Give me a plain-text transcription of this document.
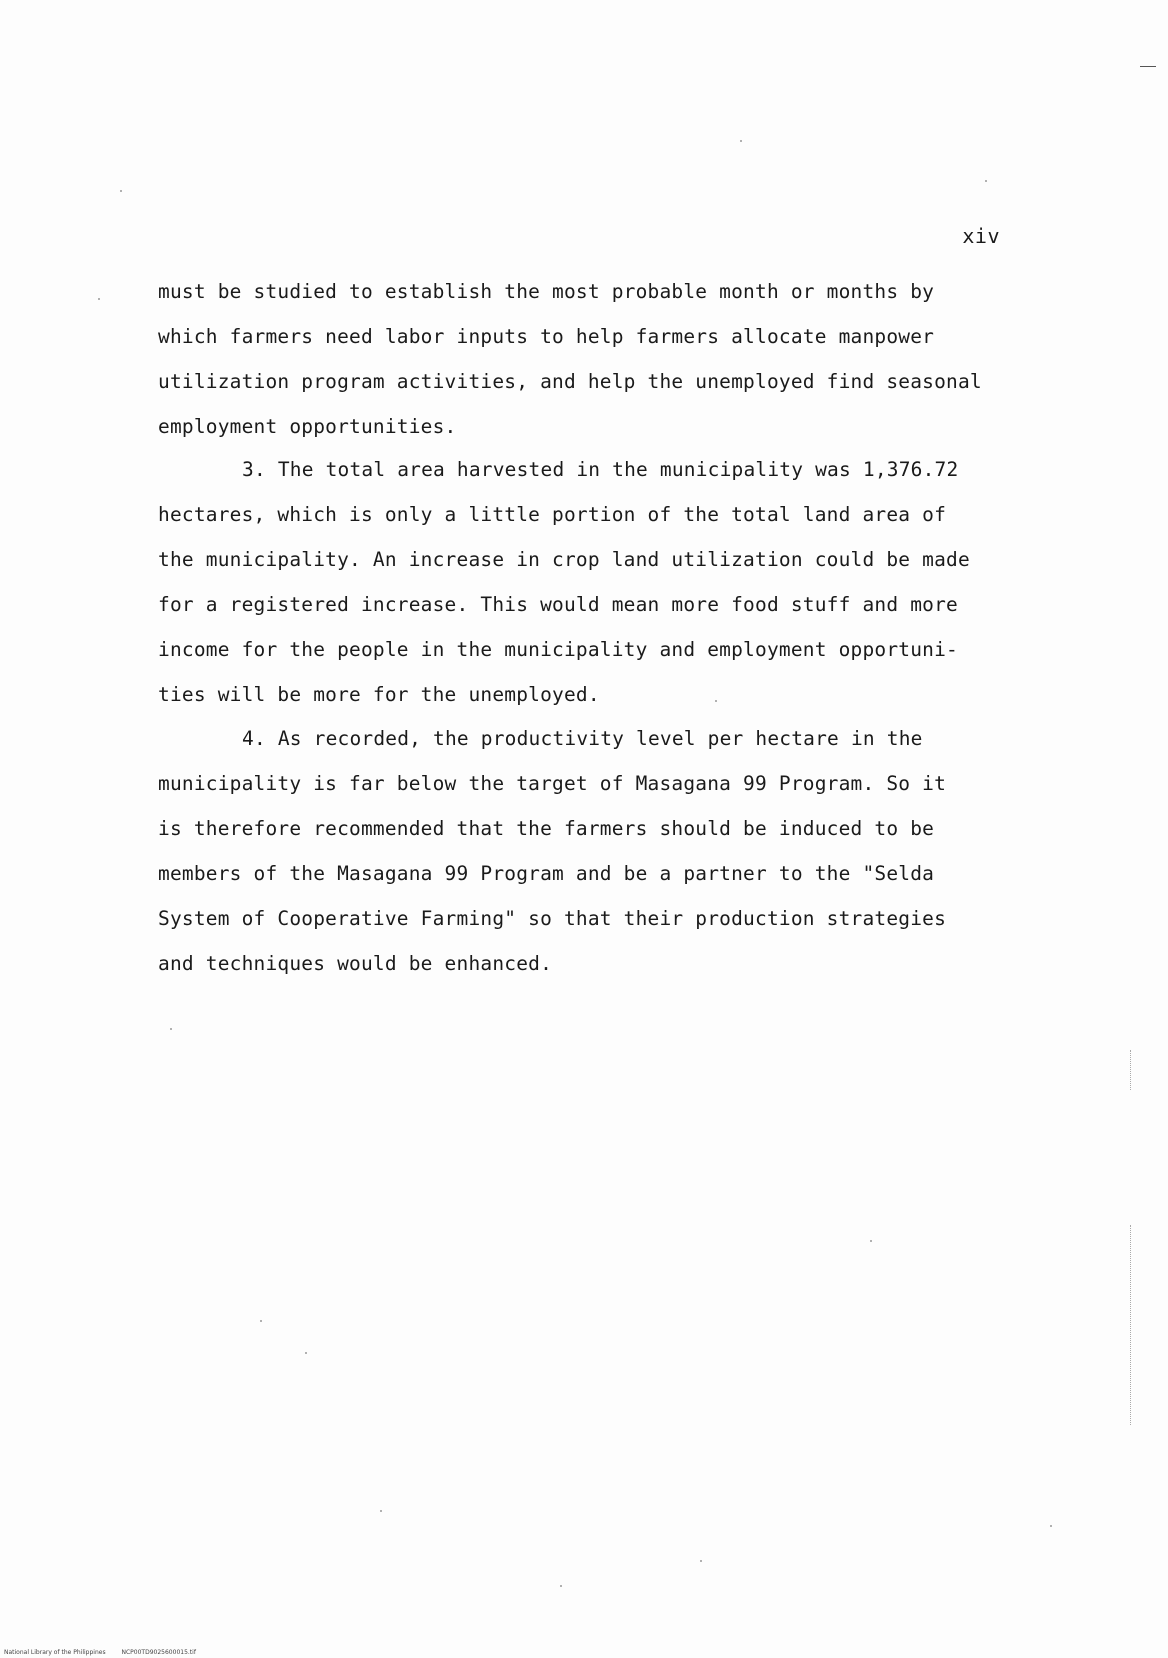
xiv
must be studied to establish the most probable month or months by
which farmers need labor inputs to help farmers allocate manpower
utilization program activities, and help the unemployed find seasonal
employment opportunities.
3. The total area harvested in the municipality was 1,376.72
hectares, which is only a little portion of the total land area of
the municipality. An increase in crop land utilization could be made
for a registered increase. This would mean more food stuff and more
income for the people in the municipality and employment opportuni-
ties will be more for the unemployed.
4. As recorded, the productivity level per hectare in the
municipality is far below the target of Masagana 99 Program. So it
is therefore recommended that the farmers should be induced to be
members of the Masagana 99 Program and be a partner to the "Selda
System of Cooperative Farming" so that their production strategies
and techniques would be enhanced.
National Library of the Philippines	NCP00TD9025600015.tif
